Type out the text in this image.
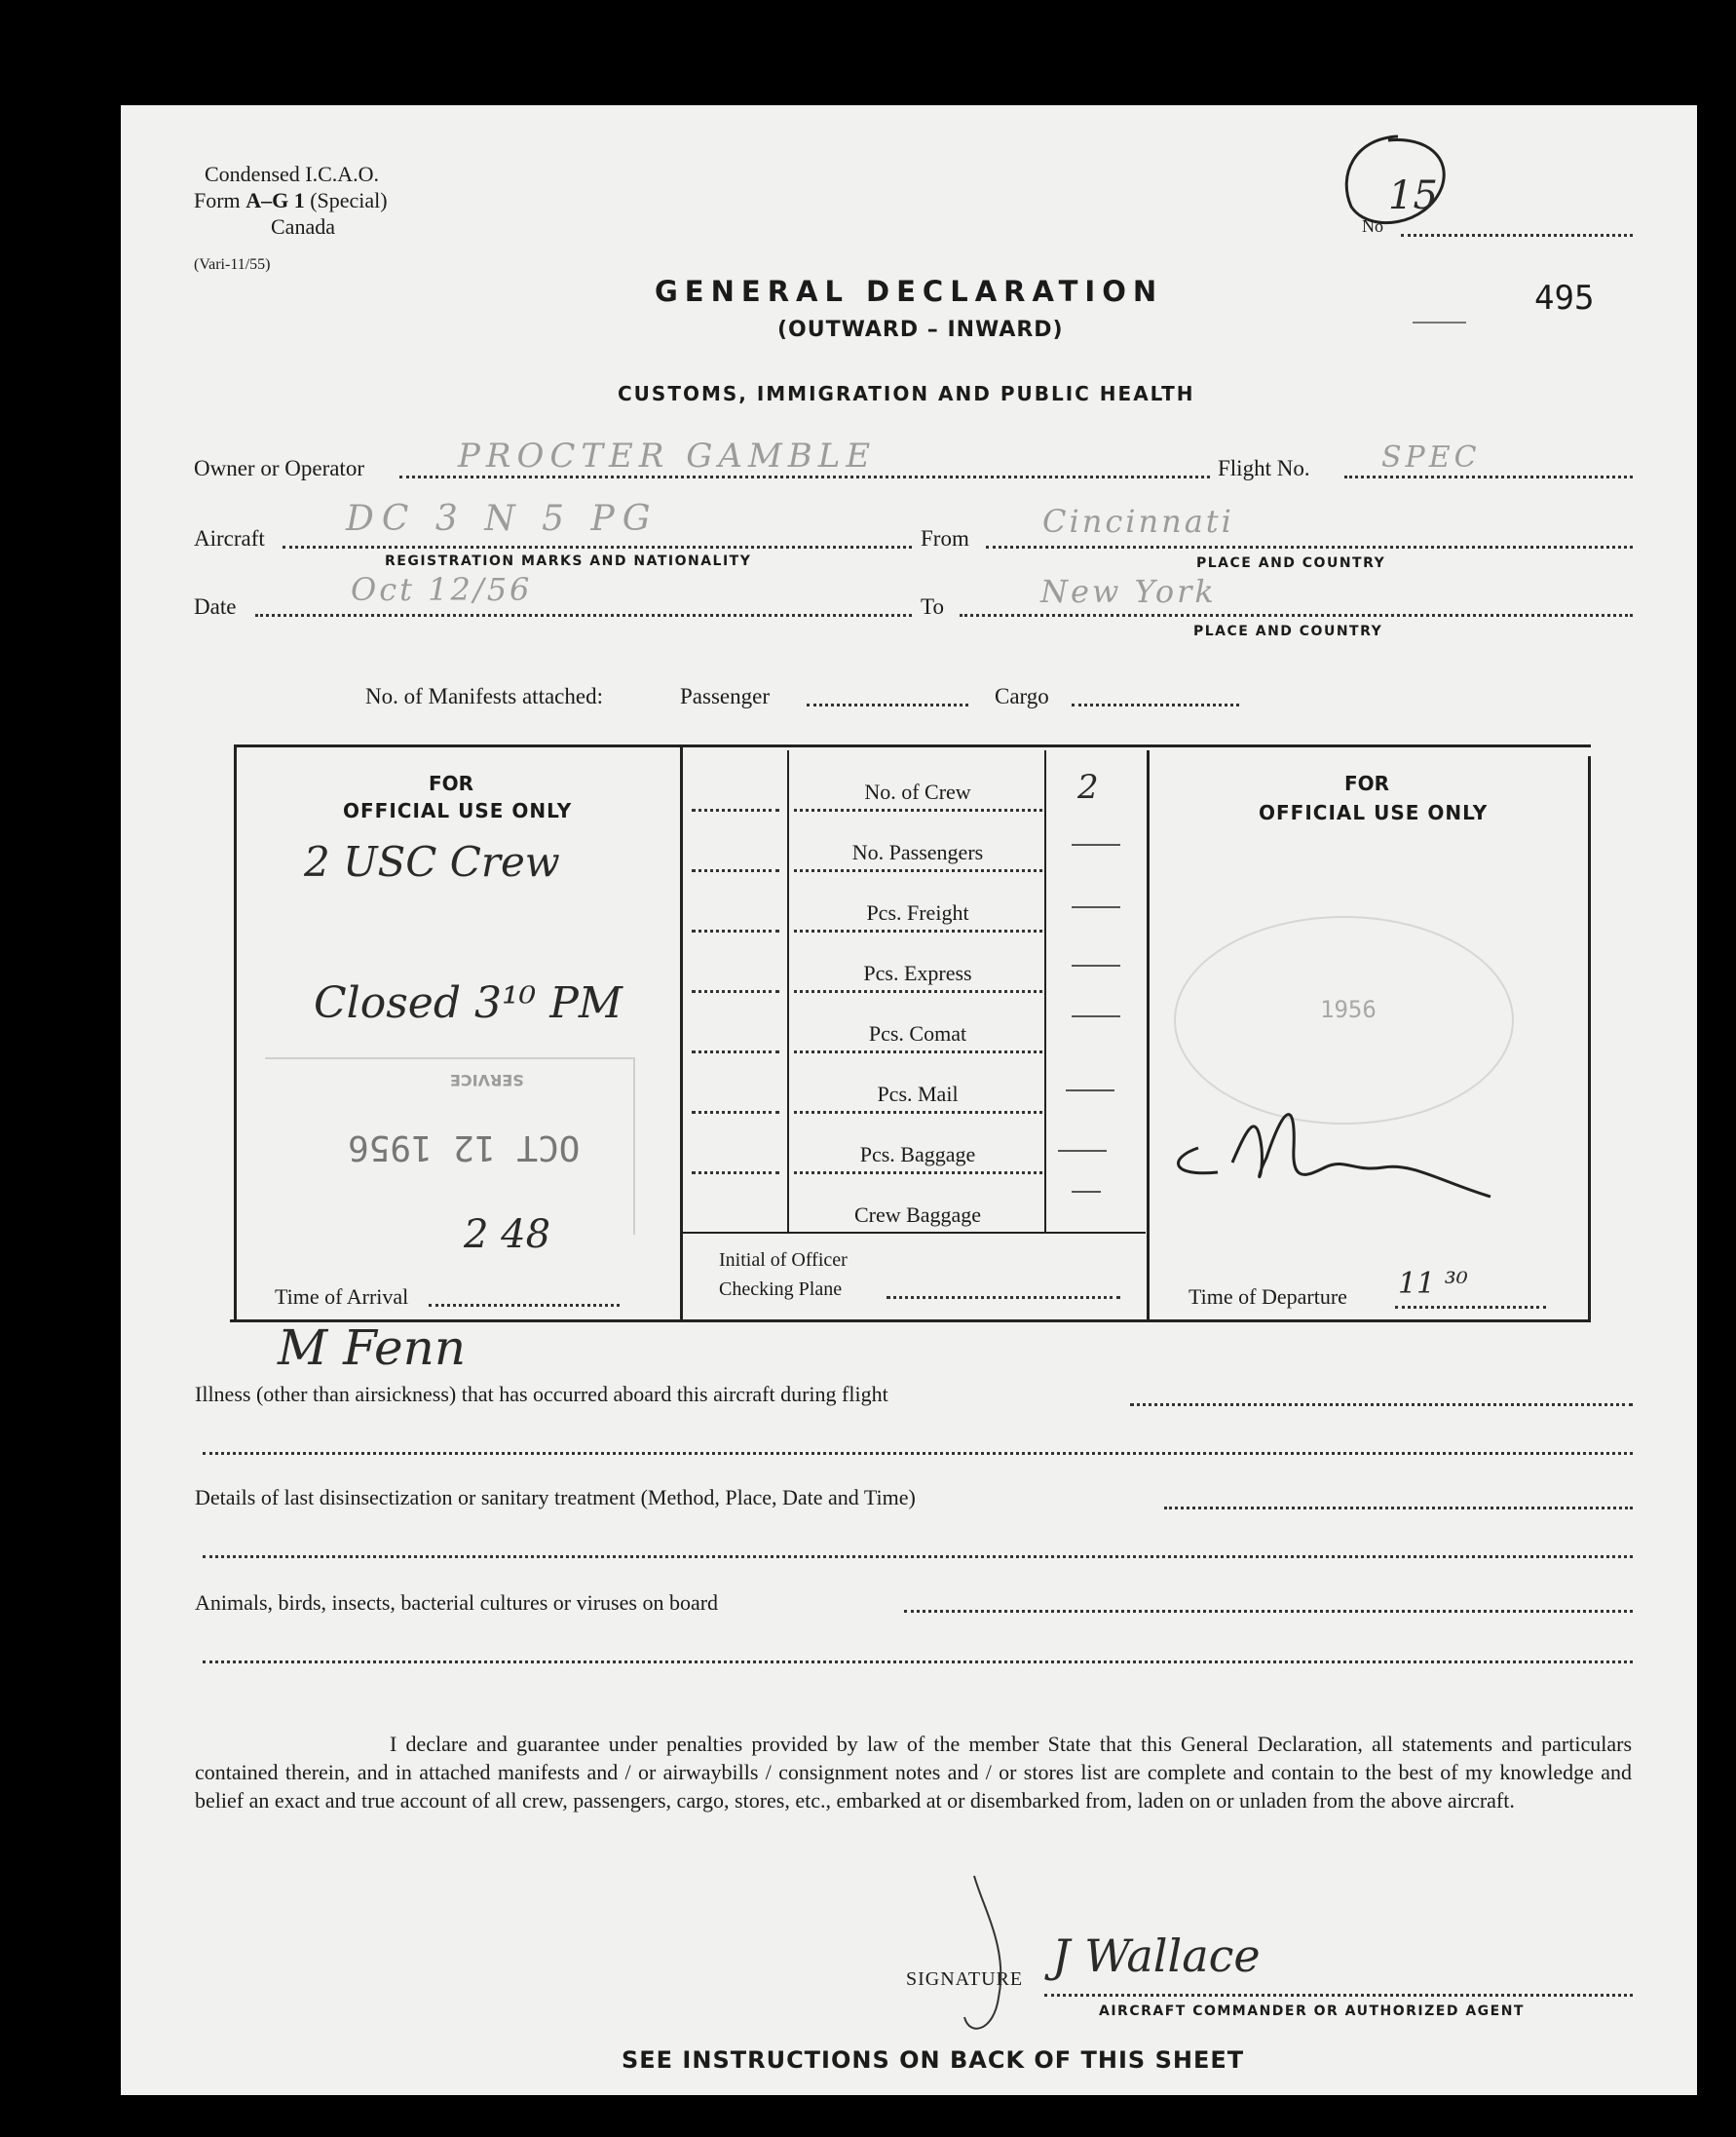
Condensed I.C.A.O.
Form A–G 1 (Special)
Canada
(Vari-11/55)
GENERAL DECLARATION
(OUTWARD – INWARD)
CUSTOMS, IMMIGRATION AND PUBLIC HEALTH
No
15
495
Owner or Operator	PROCTER GAMBLE	Flight No. SPEC
Aircraft DC 3 N 5 PG
REGISTRATION MARKS AND NATIONALITY
From Cincinnati
PLACE AND COUNTRY
Date	Oct 12/56	To	New York
PLACE AND COUNTRY
No. of Manifests attached:	Passenger	Cargo
FOR
OFFICIAL USE ONLY
2 USC Crew
Closed 3¹⁰ PM
SERVICE
OCT 12 1956
2 48
Time of Arrival
M Fenn
No. of Crew	2
No. Passengers
Pcs. Freight
Pcs. Express
Pcs. Comat
Pcs. Mail
Pcs. Baggage
Crew Baggage
Initial of Officer
Checking Plane
FOR
OFFICIAL USE ONLY
1956
Time of Departure 11 ³⁰
Illness (other than airsickness) that has occurred aboard this aircraft during flight
Details of last disinsectization or sanitary treatment (Method, Place, Date and Time)
Animals, birds, insects, bacterial cultures or viruses on board
I declare and guarantee under penalties provided by law of the member State that this General Declaration, all statements and particulars contained therein, and in attached manifests and / or airwaybills / consignment notes and / or stores list are complete and contain to the best of my knowledge and belief an exact and true account of all crew, passengers, cargo, stores, etc., embarked at or disembarked from, laden on or unladen from the above aircraft.
SIGNATURE J Wallace
AIRCRAFT COMMANDER OR AUTHORIZED AGENT
SEE INSTRUCTIONS ON BACK OF THIS SHEET
